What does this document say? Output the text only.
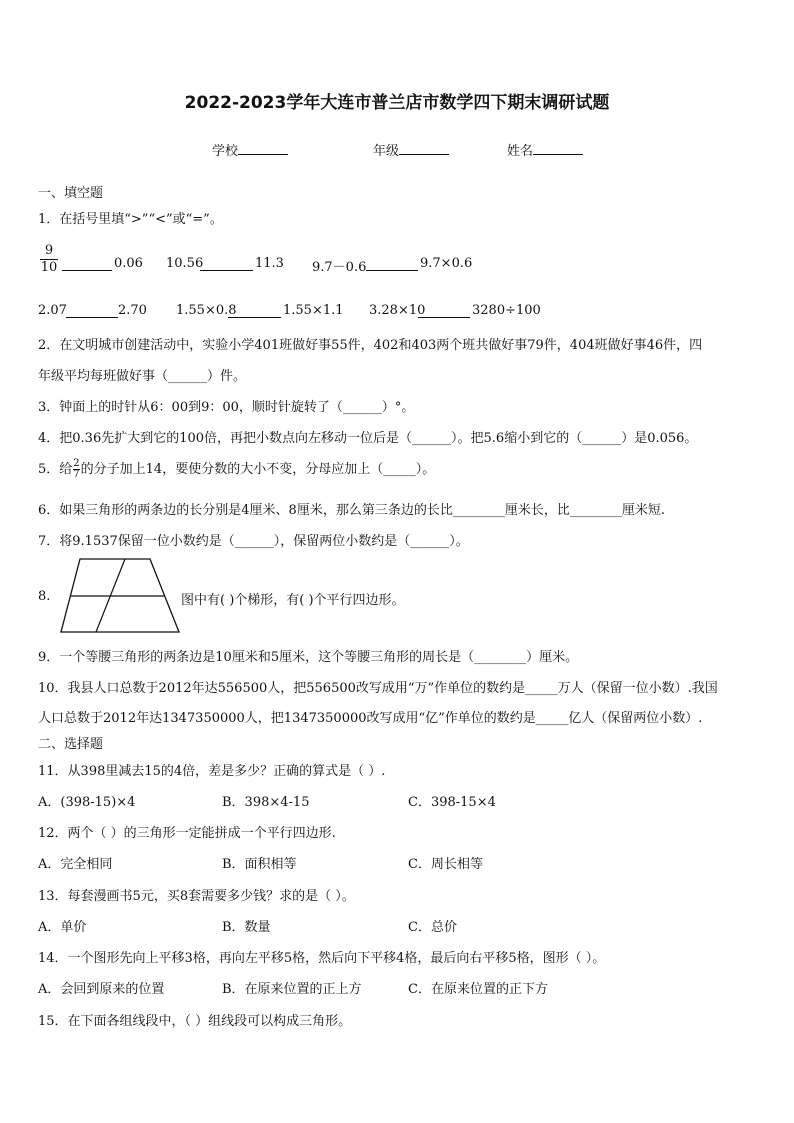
2022-2023学年大连市普兰店市数学四下期末调研试题
学校	年级	姓名
一、填空题
1．在括号里填“>”“<”或“=”。
9
10	0.06 10.56	11.3 9.7－0.6	9.7×0.6
2.07	2.70 1.55×0.8	1.55×1.1 3.28×10	3280÷100
2．在文明城市创建活动中，实验小学401班做好事55件，402和403两个班共做好事79件，404班做好事46件，四
年级平均每班做好事（______）件。
3．钟面上的时针从6：00到9：00，顺时针旋转了（______）°。
4．把0.36先扩大到它的100倍，再把小数点向左移动一位后是（______）。把5.6缩小到它的（______）是0.056。
5．给$\frac{2}{7}$ 的分子加上14，要使分数的大小不变，分母应加上（_____）。
6．如果三角形的两条边的长分别是4厘米、8厘米，那么第三条边的长比________厘米长，比________厘米短.
7．将9.1537保留一位小数约是（______），保留两位小数约是（______）。
8.	图中有( )个梯形，有( )个平行四边形。
9．一个等腰三角形的两条边是10厘米和5厘米，这个等腰三角形的周长是（________）厘米。
10．我县人口总数于2012年达556500人，把556500改写成用“万”作单位的数约是_____万人（保留一位小数）.我国
人口总数于2012年达1347350000人，把1347350000改写成用“亿”作单位的数约是_____亿人（保留两位小数）.
二、选择题
11．从398里减去15的4倍，差是多少？正确的算式是（ ）.
A．(398-15)×4	B．398×4-15	C．398-15×4
12．两个（ ）的三角形一定能拼成一个平行四边形.
A．完全相同	B．面积相等	C．周长相等
13．每套漫画书5元，买8套需要多少钱？求的是（ ）。
A．单价	B．数量	C．总价
14．一个图形先向上平移3格，再向左平移5格，然后向下平移4格，最后向右平移5格，图形（ ）。
A．会回到原来的位置	B．在原来位置的正上方	C．在原来位置的正下方
15．在下面各组线段中，（ ）组线段可以构成三角形。
